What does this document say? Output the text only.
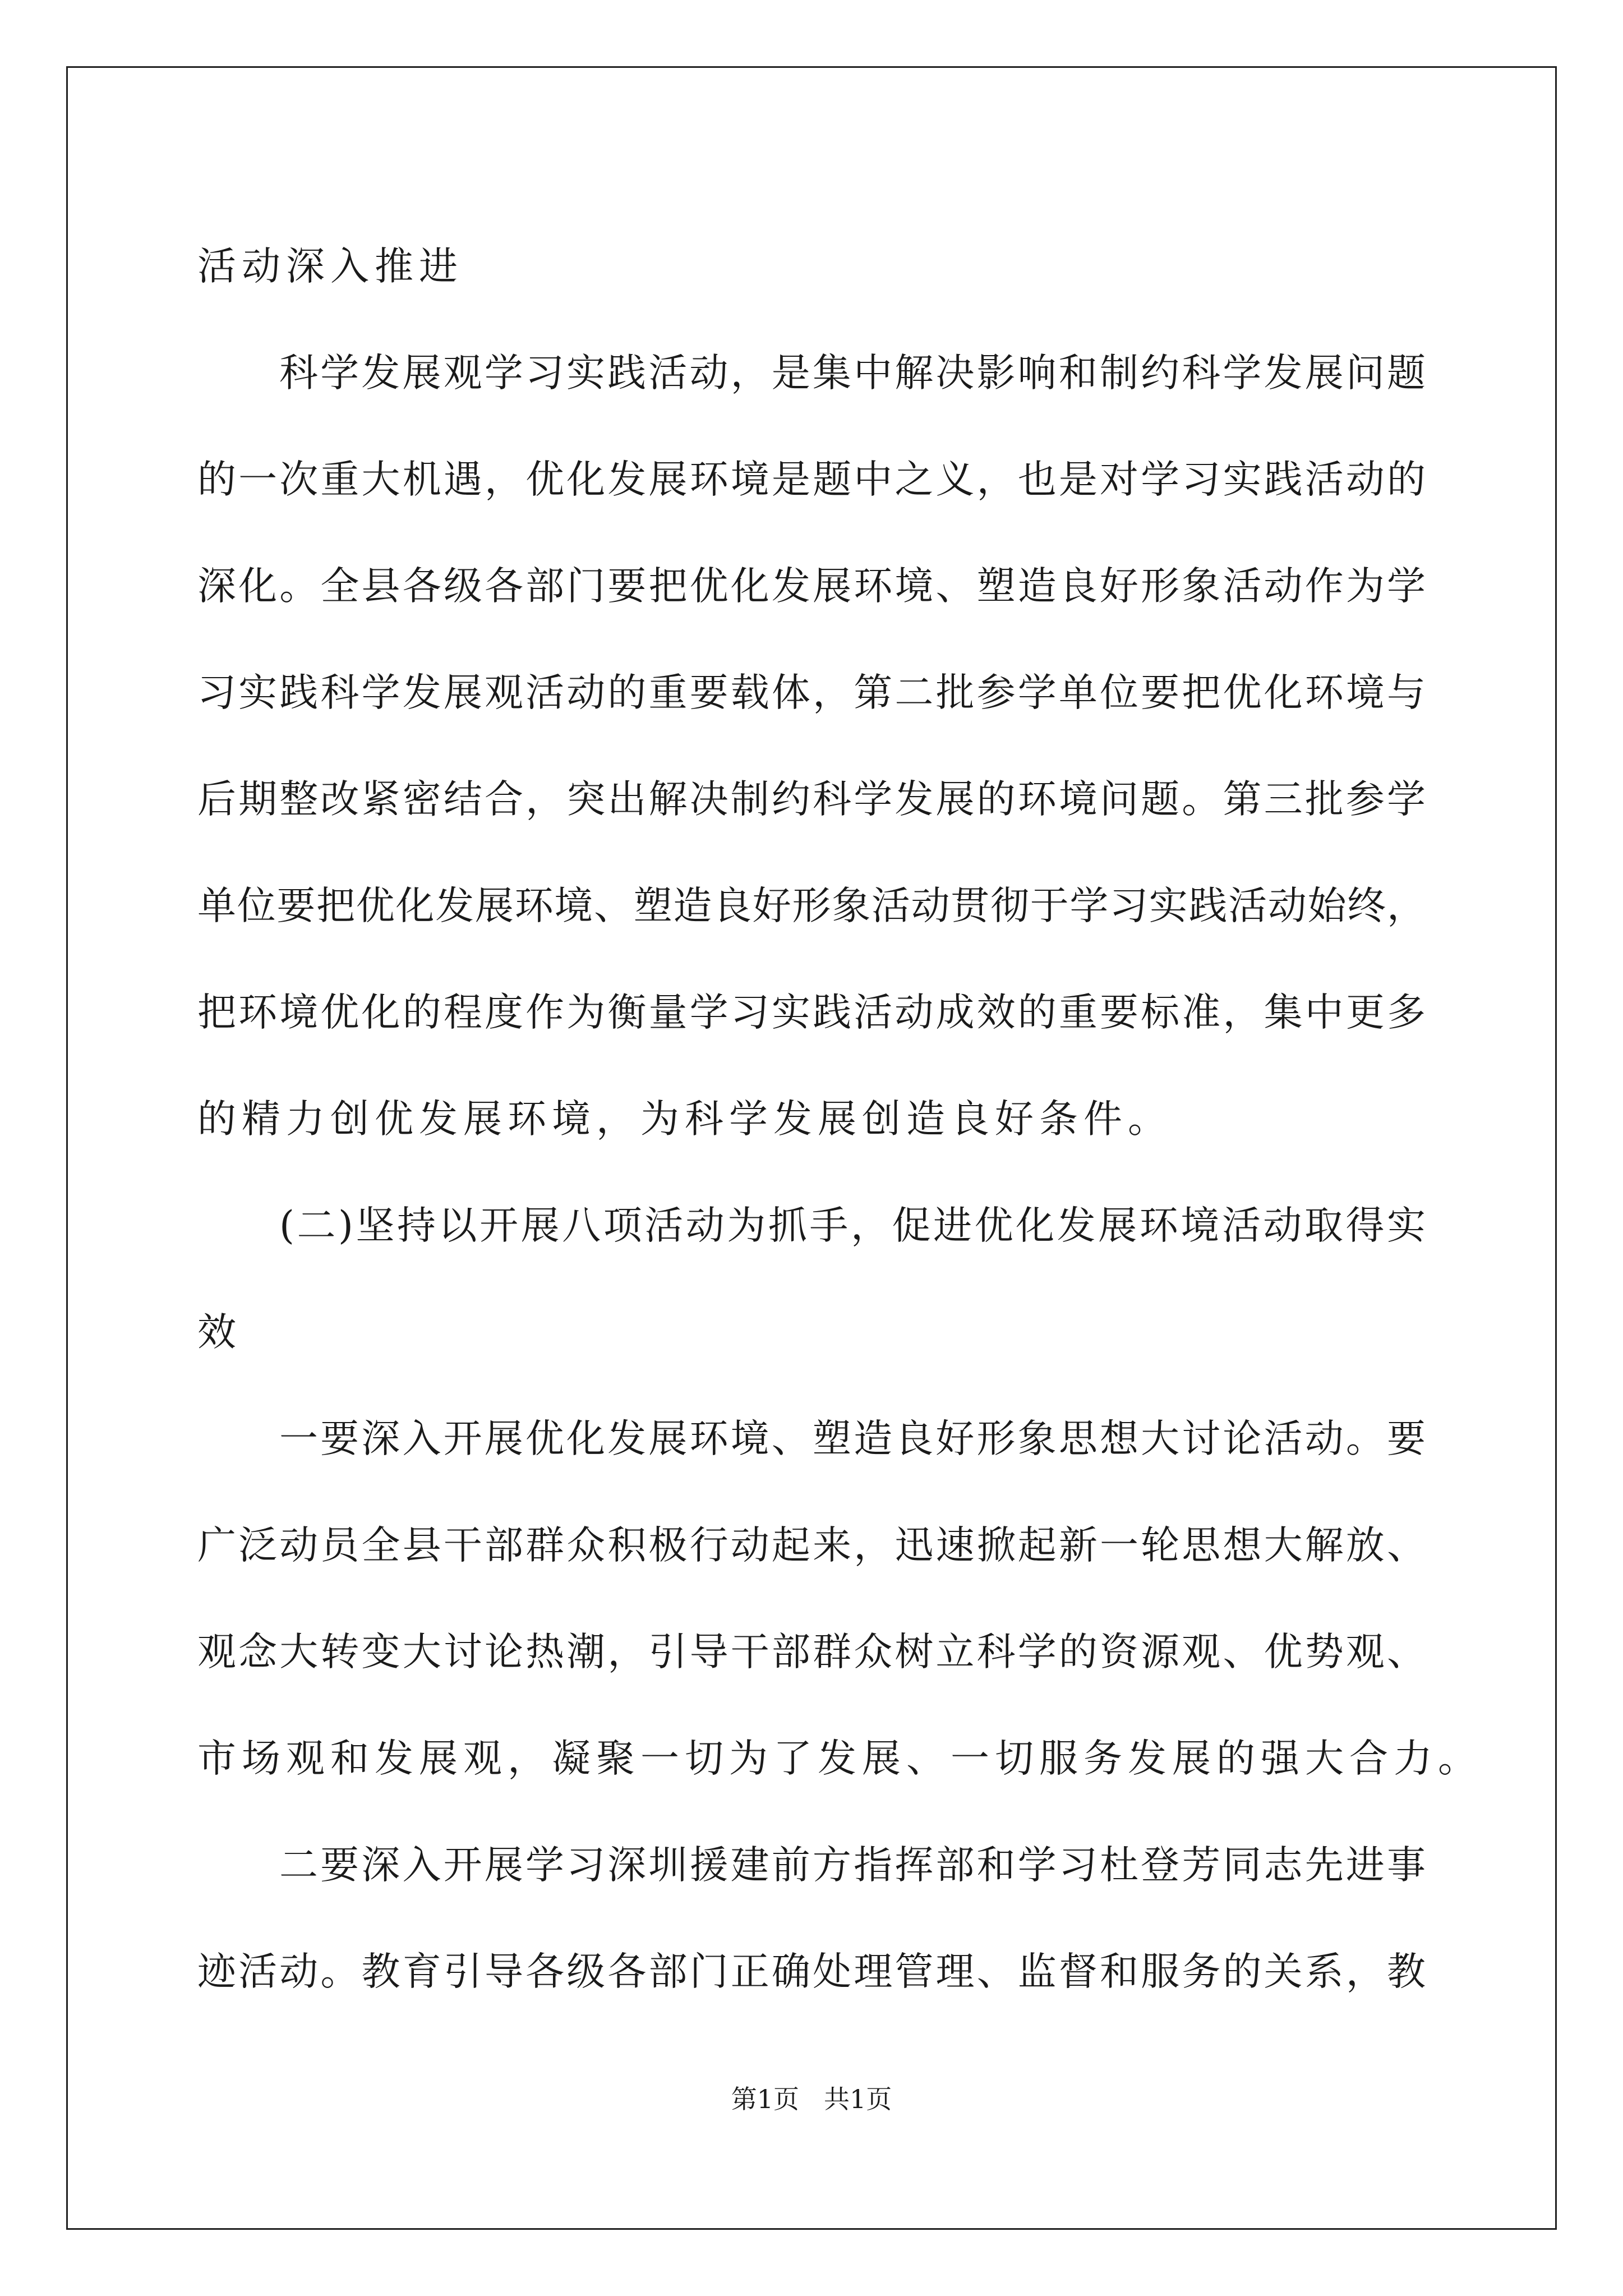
活动深入推进
科学发展观学习实践活动，是集中解决影响和制约科学发展问题
的一次重大机遇，优化发展环境是题中之义，也是对学习实践活动的
深化。全县各级各部门要把优化发展环境、塑造良好形象活动作为学
习实践科学发展观活动的重要载体，第二批参学单位要把优化环境与
后期整改紧密结合，突出解决制约科学发展的环境问题。第三批参学
单位要把优化发展环境、塑造良好形象活动贯彻于学习实践活动始终，
把环境优化的程度作为衡量学习实践活动成效的重要标准，集中更多
的精力创优发展环境，为科学发展创造良好条件。
(二)坚持以开展八项活动为抓手，促进优化发展环境活动取得实
效
一要深入开展优化发展环境、塑造良好形象思想大讨论活动。要
广泛动员全县干部群众积极行动起来，迅速掀起新一轮思想大解放、
观念大转变大讨论热潮，引导干部群众树立科学的资源观、优势观、
市场观和发展观，凝聚一切为了发展、一切服务发展的强大合力。
二要深入开展学习深圳援建前方指挥部和学习杜登芳同志先进事
迹活动。教育引导各级各部门正确处理管理、监督和服务的关系，教
第1页 共1页
